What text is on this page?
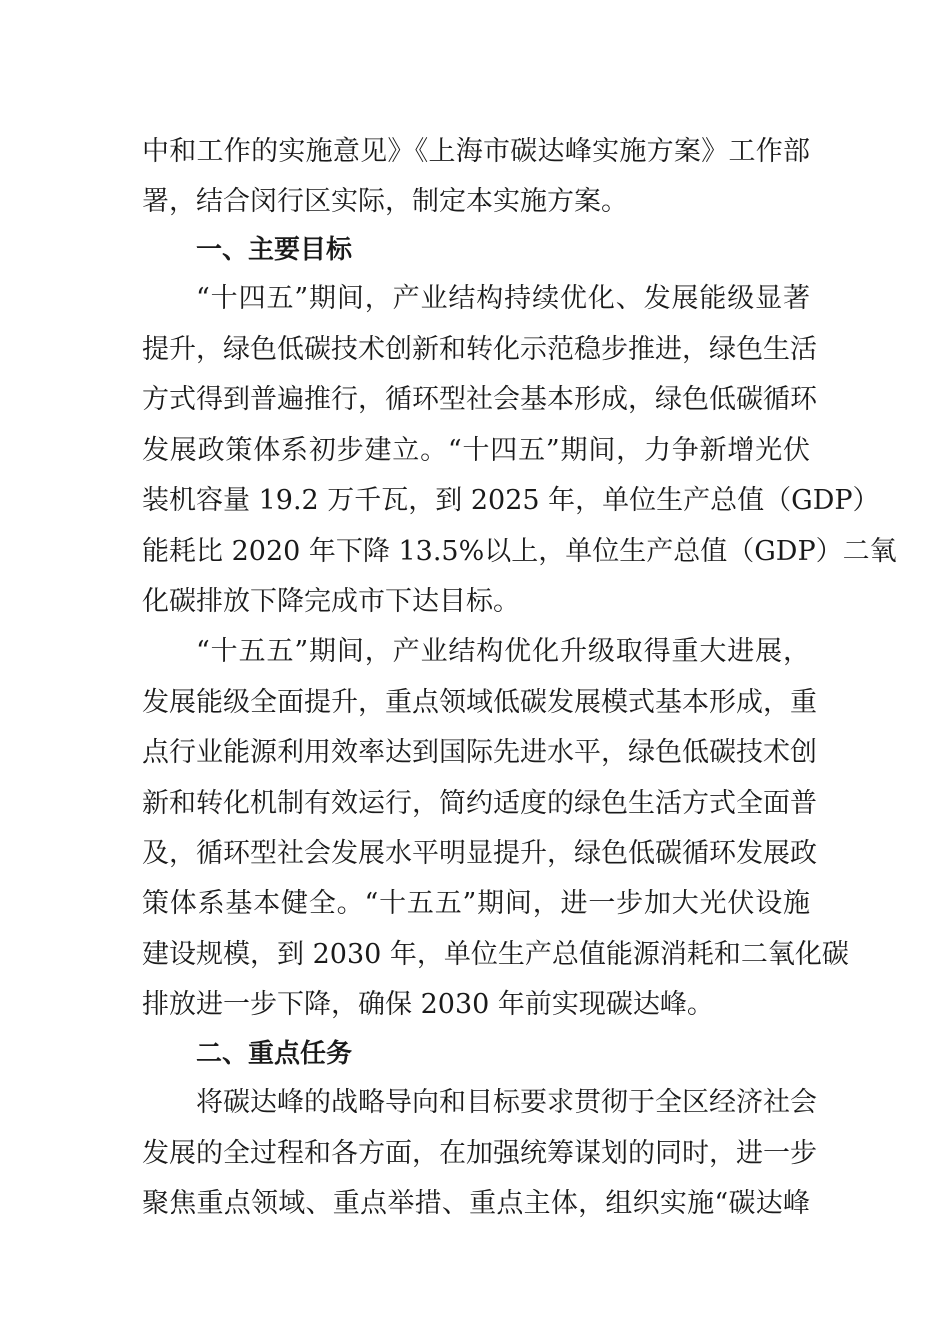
中和工作的实施意见》《上海市碳达峰实施方案》工作部
署，结合闵行区实际，制定本实施方案。
一、主要目标
“十四五”期间，产业结构持续优化、发展能级显著
提升，绿色低碳技术创新和转化示范稳步推进，绿色生活
方式得到普遍推行，循环型社会基本形成，绿色低碳循环
发展政策体系初步建立。“十四五”期间，力争新增光伏
装机容量 19.2 万千瓦，到 2025 年，单位生产总值（GDP）
能耗比 2020 年下降 13.5%以上，单位生产总值（GDP）二氧
化碳排放下降完成市下达目标。
“十五五”期间，产业结构优化升级取得重大进展，
发展能级全面提升，重点领域低碳发展模式基本形成，重
点行业能源利用效率达到国际先进水平，绿色低碳技术创
新和转化机制有效运行，简约适度的绿色生活方式全面普
及，循环型社会发展水平明显提升，绿色低碳循环发展政
策体系基本健全。“十五五”期间，进一步加大光伏设施
建设规模，到 2030 年，单位生产总值能源消耗和二氧化碳
排放进一步下降，确保 2030 年前实现碳达峰。
二、重点任务
将碳达峰的战略导向和目标要求贯彻于全区经济社会
发展的全过程和各方面，在加强统筹谋划的同时，进一步
聚焦重点领域、重点举措、重点主体，组织实施“碳达峰
